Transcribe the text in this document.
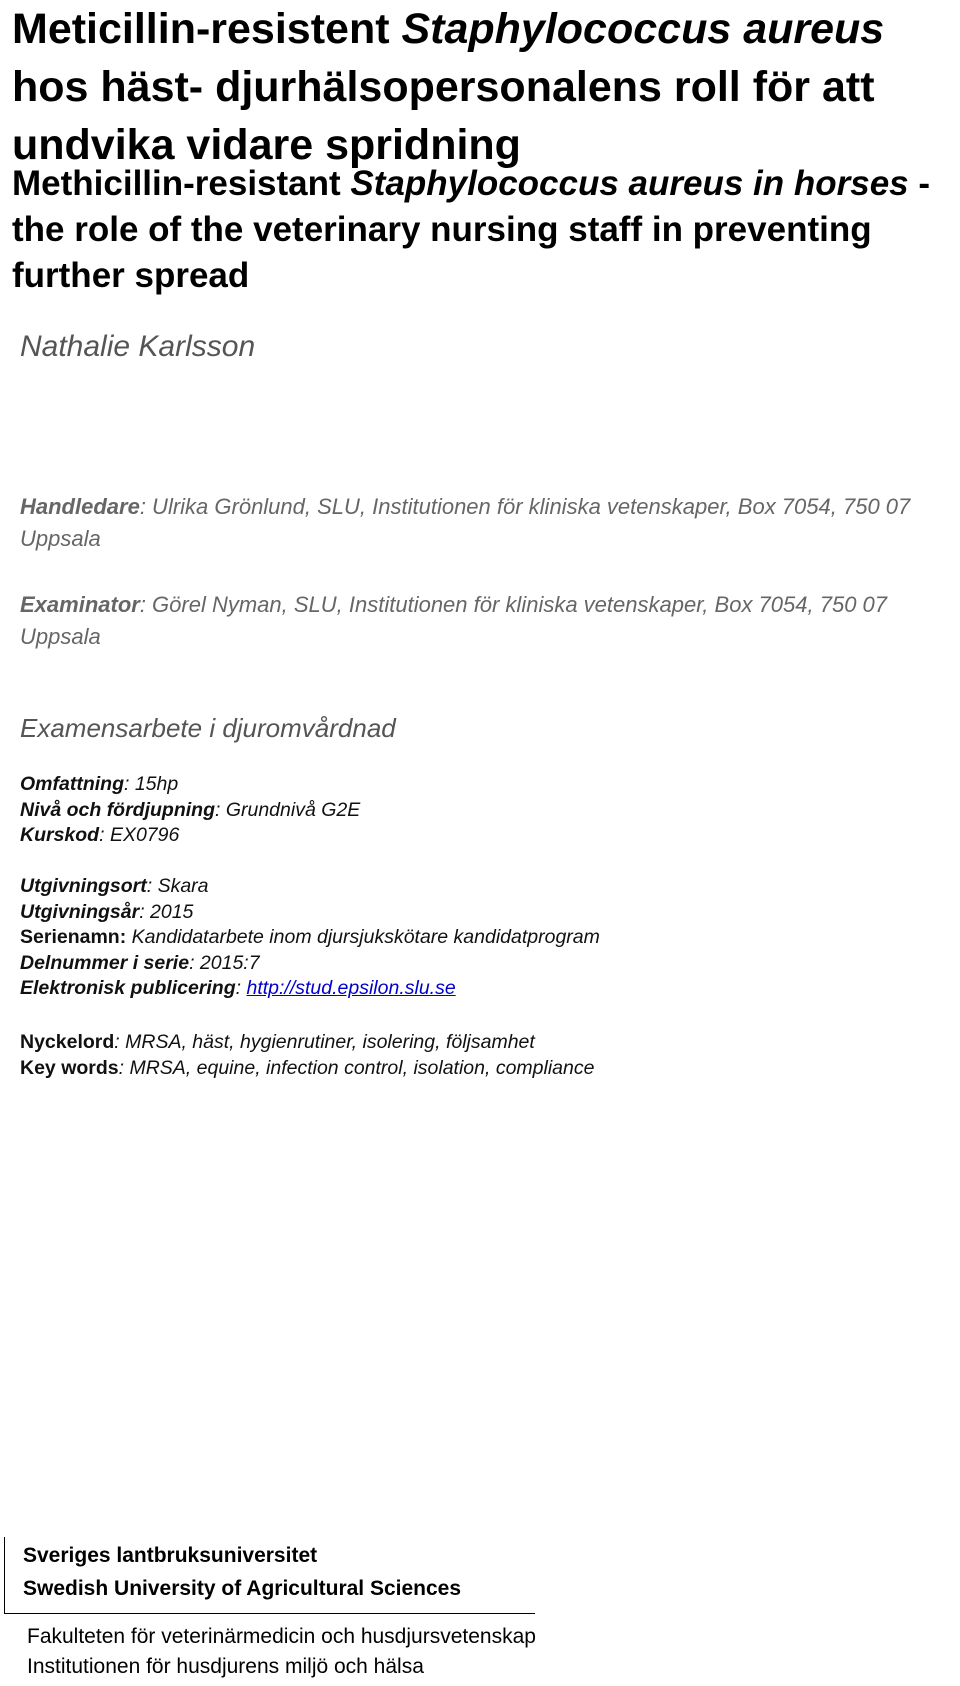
Meticillin-resistent Staphylococcus aureus hos häst- djurhälsopersonalens roll för att undvika vidare spridning
Methicillin-resistant Staphylococcus aureus in horses - the role of the veterinary nursing staff in preventing further spread

Nathalie Karlsson

Handledare: Ulrika Grönlund, SLU, Institutionen för kliniska vetenskaper, Box 7054, 750 07 Uppsala

Examinator: Görel Nyman, SLU, Institutionen för kliniska vetenskaper, Box 7054, 750 07 Uppsala

Examensarbete i djuromvårdnad

Omfattning: 15hp
Nivå och fördjupning: Grundnivå G2E
Kurskod: EX0796
Utgivningsort: Skara
Utgivningsår: 2015
Serienamn: Kandidatarbete inom djursjukskötare kandidatprogram
Delnummer i serie: 2015:7
Elektronisk publicering: http://stud.epsilon.slu.se
Nyckelord: MRSA, häst, hygienrutiner, isolering, följsamhet
Key words: MRSA, equine, infection control, isolation, compliance

Sveriges lantbruksuniversitet

Swedish University of Agricultural Sciences

Fakulteten för veterinärmedicin och husdjursvetenskap

Institutionen för husdjurens miljö och hälsa
